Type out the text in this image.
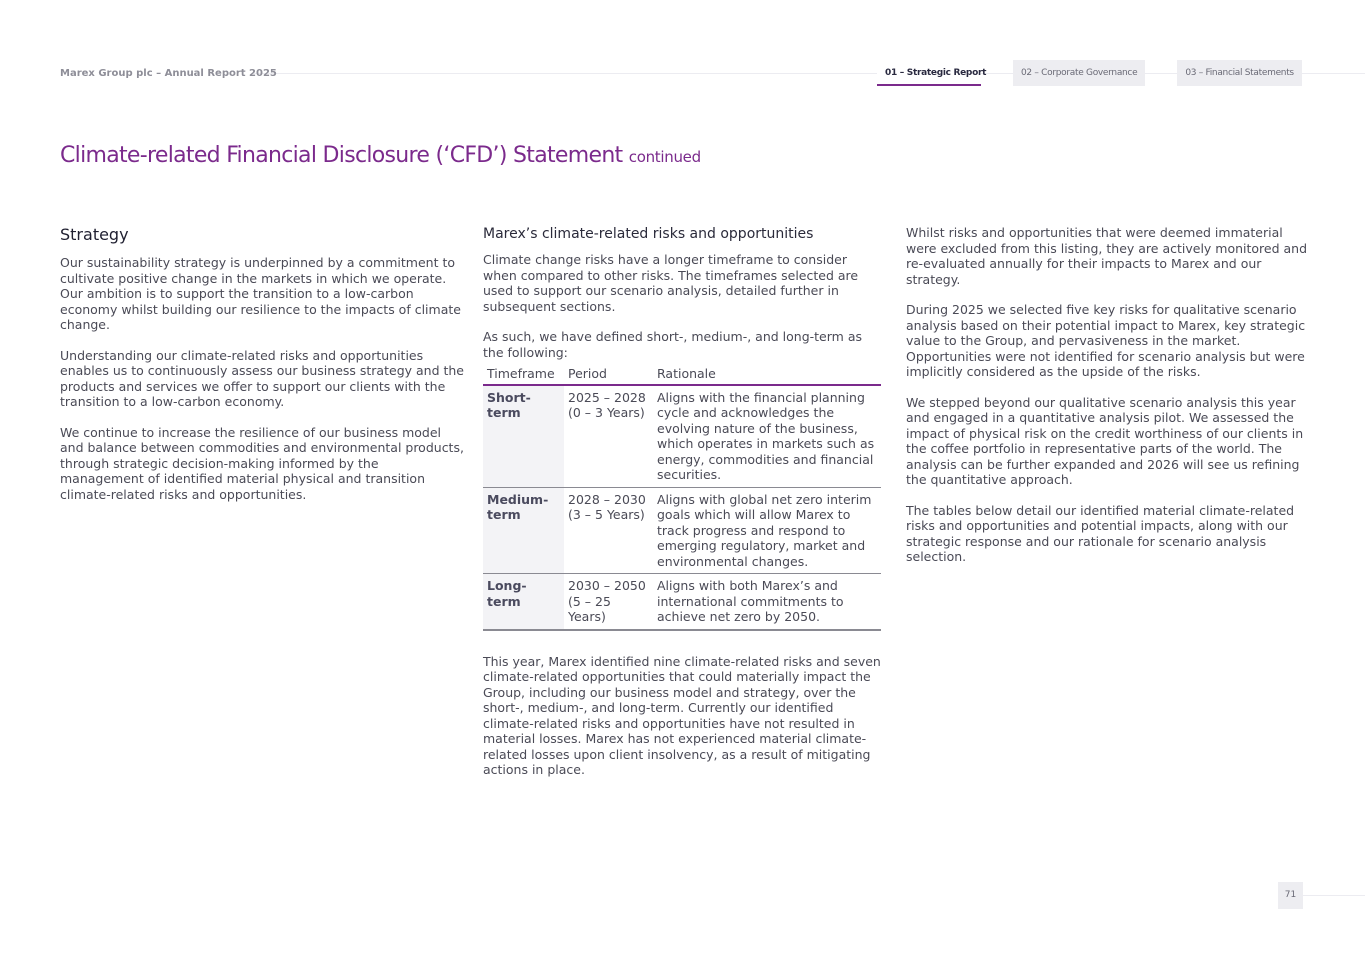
Marex Group plc – Annual Report 2025	01 – Strategic Report	02 – Corporate Governance	03 – Financial Statements
Climate-related Financial Disclosure (‘CFD’) Statement continued
Strategy

Our sustainability strategy is underpinned by a commitment to cultivate positive change in the markets in which we operate. Our ambition is to support the transition to a low-carbon economy whilst building our resilience to the impacts of climate change.

Understanding our climate-related risks and opportunities enables us to continuously assess our business strategy and the products and services we offer to support our clients with the transition to a low-carbon economy.

We continue to increase the resilience of our business model and balance between commodities and environmental products, through strategic decision-making informed by the management of identified material physical and transition climate-related risks and opportunities.

Marex’s climate-related risks and opportunities

Climate change risks have a longer timeframe to consider when compared to other risks. The timeframes selected are used to support our scenario analysis, detailed further in subsequent sections.

As such, we have defined short-, medium-, and long-term as the following:

Timeframe	Period	Rationale
Short-term	2025 – 2028 (0 – 3 Years)	Aligns with the financial planning cycle and acknowledges the evolving nature of the business, which operates in markets such as energy, commodities and financial securities.
Medium-term	2028 – 2030 (3 – 5 Years)	Aligns with global net zero interim goals which will allow Marex to track progress and respond to emerging regulatory, market and environmental changes.
Long-term	2030 – 2050 (5 – 25 Years)	Aligns with both Marex’s and international commitments to achieve net zero by 2050.

This year, Marex identified nine climate-related risks and seven climate-related opportunities that could materially impact the Group, including our business model and strategy, over the short-, medium-, and long-term. Currently our identified climate-related risks and opportunities have not resulted in material losses. Marex has not experienced material climate-related losses upon client insolvency, as a result of mitigating actions in place.

Whilst risks and opportunities that were deemed immaterial were excluded from this listing, they are actively monitored and re-evaluated annually for their impacts to Marex and our strategy.

During 2025 we selected five key risks for qualitative scenario analysis based on their potential impact to Marex, key strategic value to the Group, and pervasiveness in the market. Opportunities were not identified for scenario analysis but were implicitly considered as the upside of the risks.

We stepped beyond our qualitative scenario analysis this year and engaged in a quantitative analysis pilot. We assessed the impact of physical risk on the credit worthiness of our clients in the coffee portfolio in representative parts of the world. The analysis can be further expanded and 2026 will see us refining the quantitative approach.

The tables below detail our identified material climate-related risks and opportunities and potential impacts, along with our strategic response and our rationale for scenario analysis selection.

71
